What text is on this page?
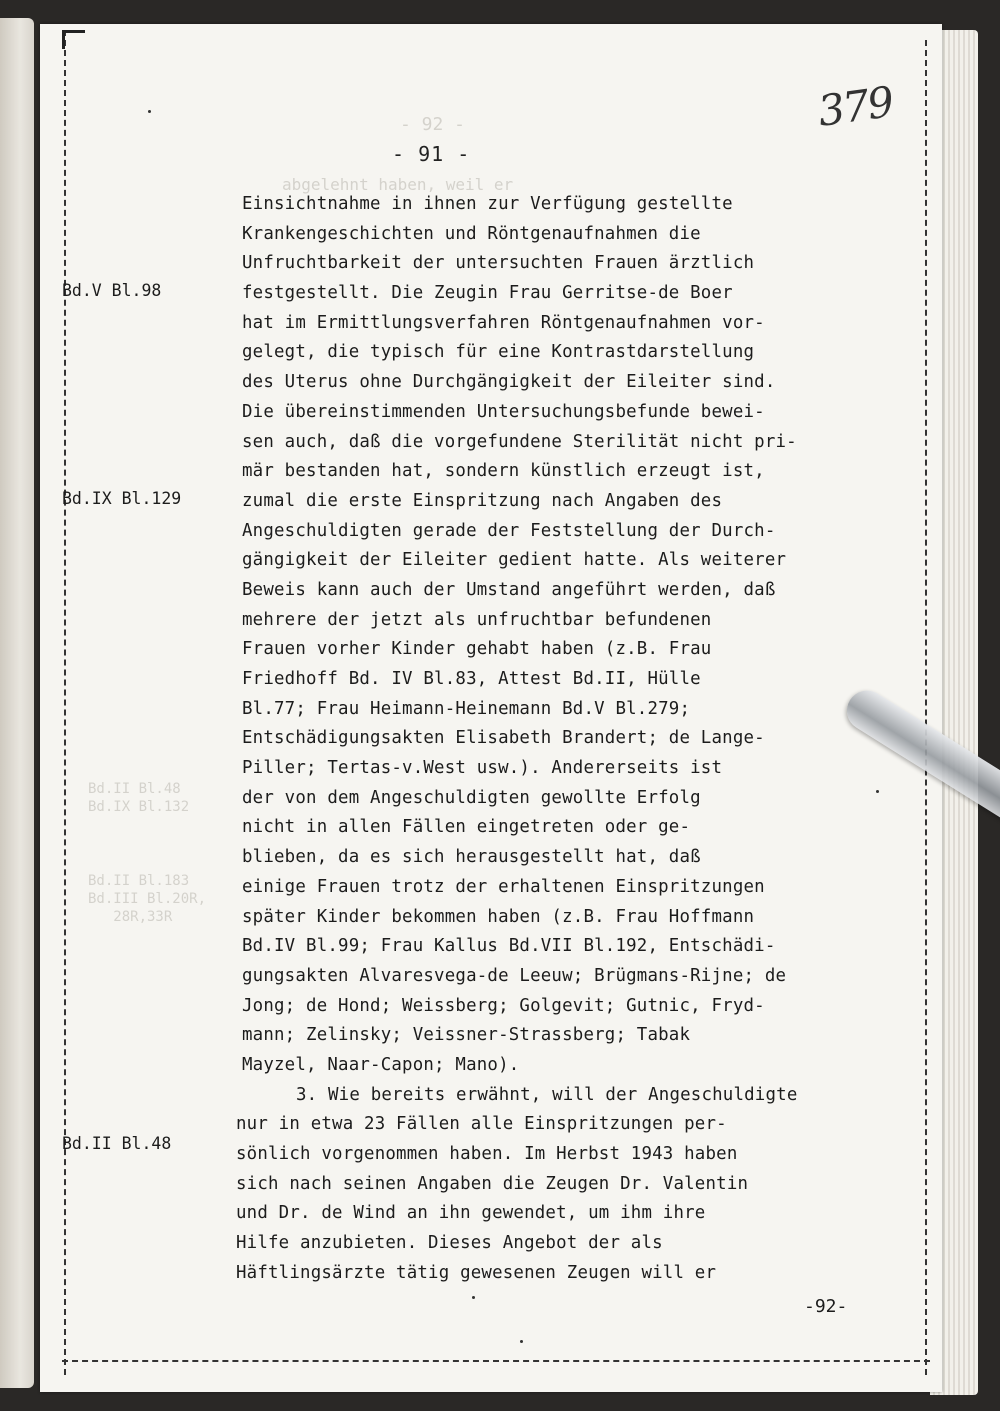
- 92 -
abgelehnt haben, weil er
Bd.II Bl.48
Bd.IX Bl.132
Bd.II Bl.183
Bd.III Bl.20R,
28R,33R
379
- 91 -
Bd.V Bl.98
Bd.IX Bl.129
Bd.II Bl.48
Einsichtnahme in ihnen zur Verfügung gestellte
Krankengeschichten und Röntgenaufnahmen die
Unfruchtbarkeit der untersuchten Frauen ärztlich
festgestellt. Die Zeugin Frau Gerritse-de Boer
hat im Ermittlungsverfahren Röntgenaufnahmen vor-
gelegt, die typisch für eine Kontrastdarstellung
des Uterus ohne Durchgängigkeit der Eileiter sind.
Die übereinstimmenden Untersuchungsbefunde bewei-
sen auch, daß die vorgefundene Sterilität nicht pri-
mär bestanden hat, sondern künstlich erzeugt ist,
zumal die erste Einspritzung nach Angaben des
Angeschuldigten gerade der Feststellung der Durch-
gängigkeit der Eileiter gedient hatte. Als weiterer
Beweis kann auch der Umstand angeführt werden, daß
mehrere der jetzt als unfruchtbar befundenen
Frauen vorher Kinder gehabt haben (z.B. Frau
Friedhoff Bd. IV Bl.83, Attest Bd.II, Hülle
Bl.77; Frau Heimann-Heinemann Bd.V Bl.279;
Entschädigungsakten Elisabeth Brandert; de Lange-
Piller; Tertas-v.West usw.). Andererseits ist
der von dem Angeschuldigten gewollte Erfolg
nicht in allen Fällen eingetreten oder ge-
blieben, da es sich herausgestellt hat, daß
einige Frauen trotz der erhaltenen Einspritzungen
später Kinder bekommen haben (z.B. Frau Hoffmann
Bd.IV Bl.99; Frau Kallus Bd.VII Bl.192, Entschädi-
gungsakten Alvaresvega-de Leeuw; Brügmans-Rijne; de
Jong; de Hond; Weissberg; Golgevit; Gutnic, Fryd-
mann; Zelinsky; Veissner-Strassberg; Tabak
Mayzel, Naar-Capon; Mano).
3. Wie bereits erwähnt, will der Angeschuldigte
nur in etwa 23 Fällen alle Einspritzungen per-
sönlich vorgenommen haben. Im Herbst 1943 haben
sich nach seinen Angaben die Zeugen Dr. Valentin
und Dr. de Wind an ihn gewendet, um ihm ihre
Hilfe anzubieten. Dieses Angebot der als
Häftlingsärzte tätig gewesenen Zeugen will er
-92-
